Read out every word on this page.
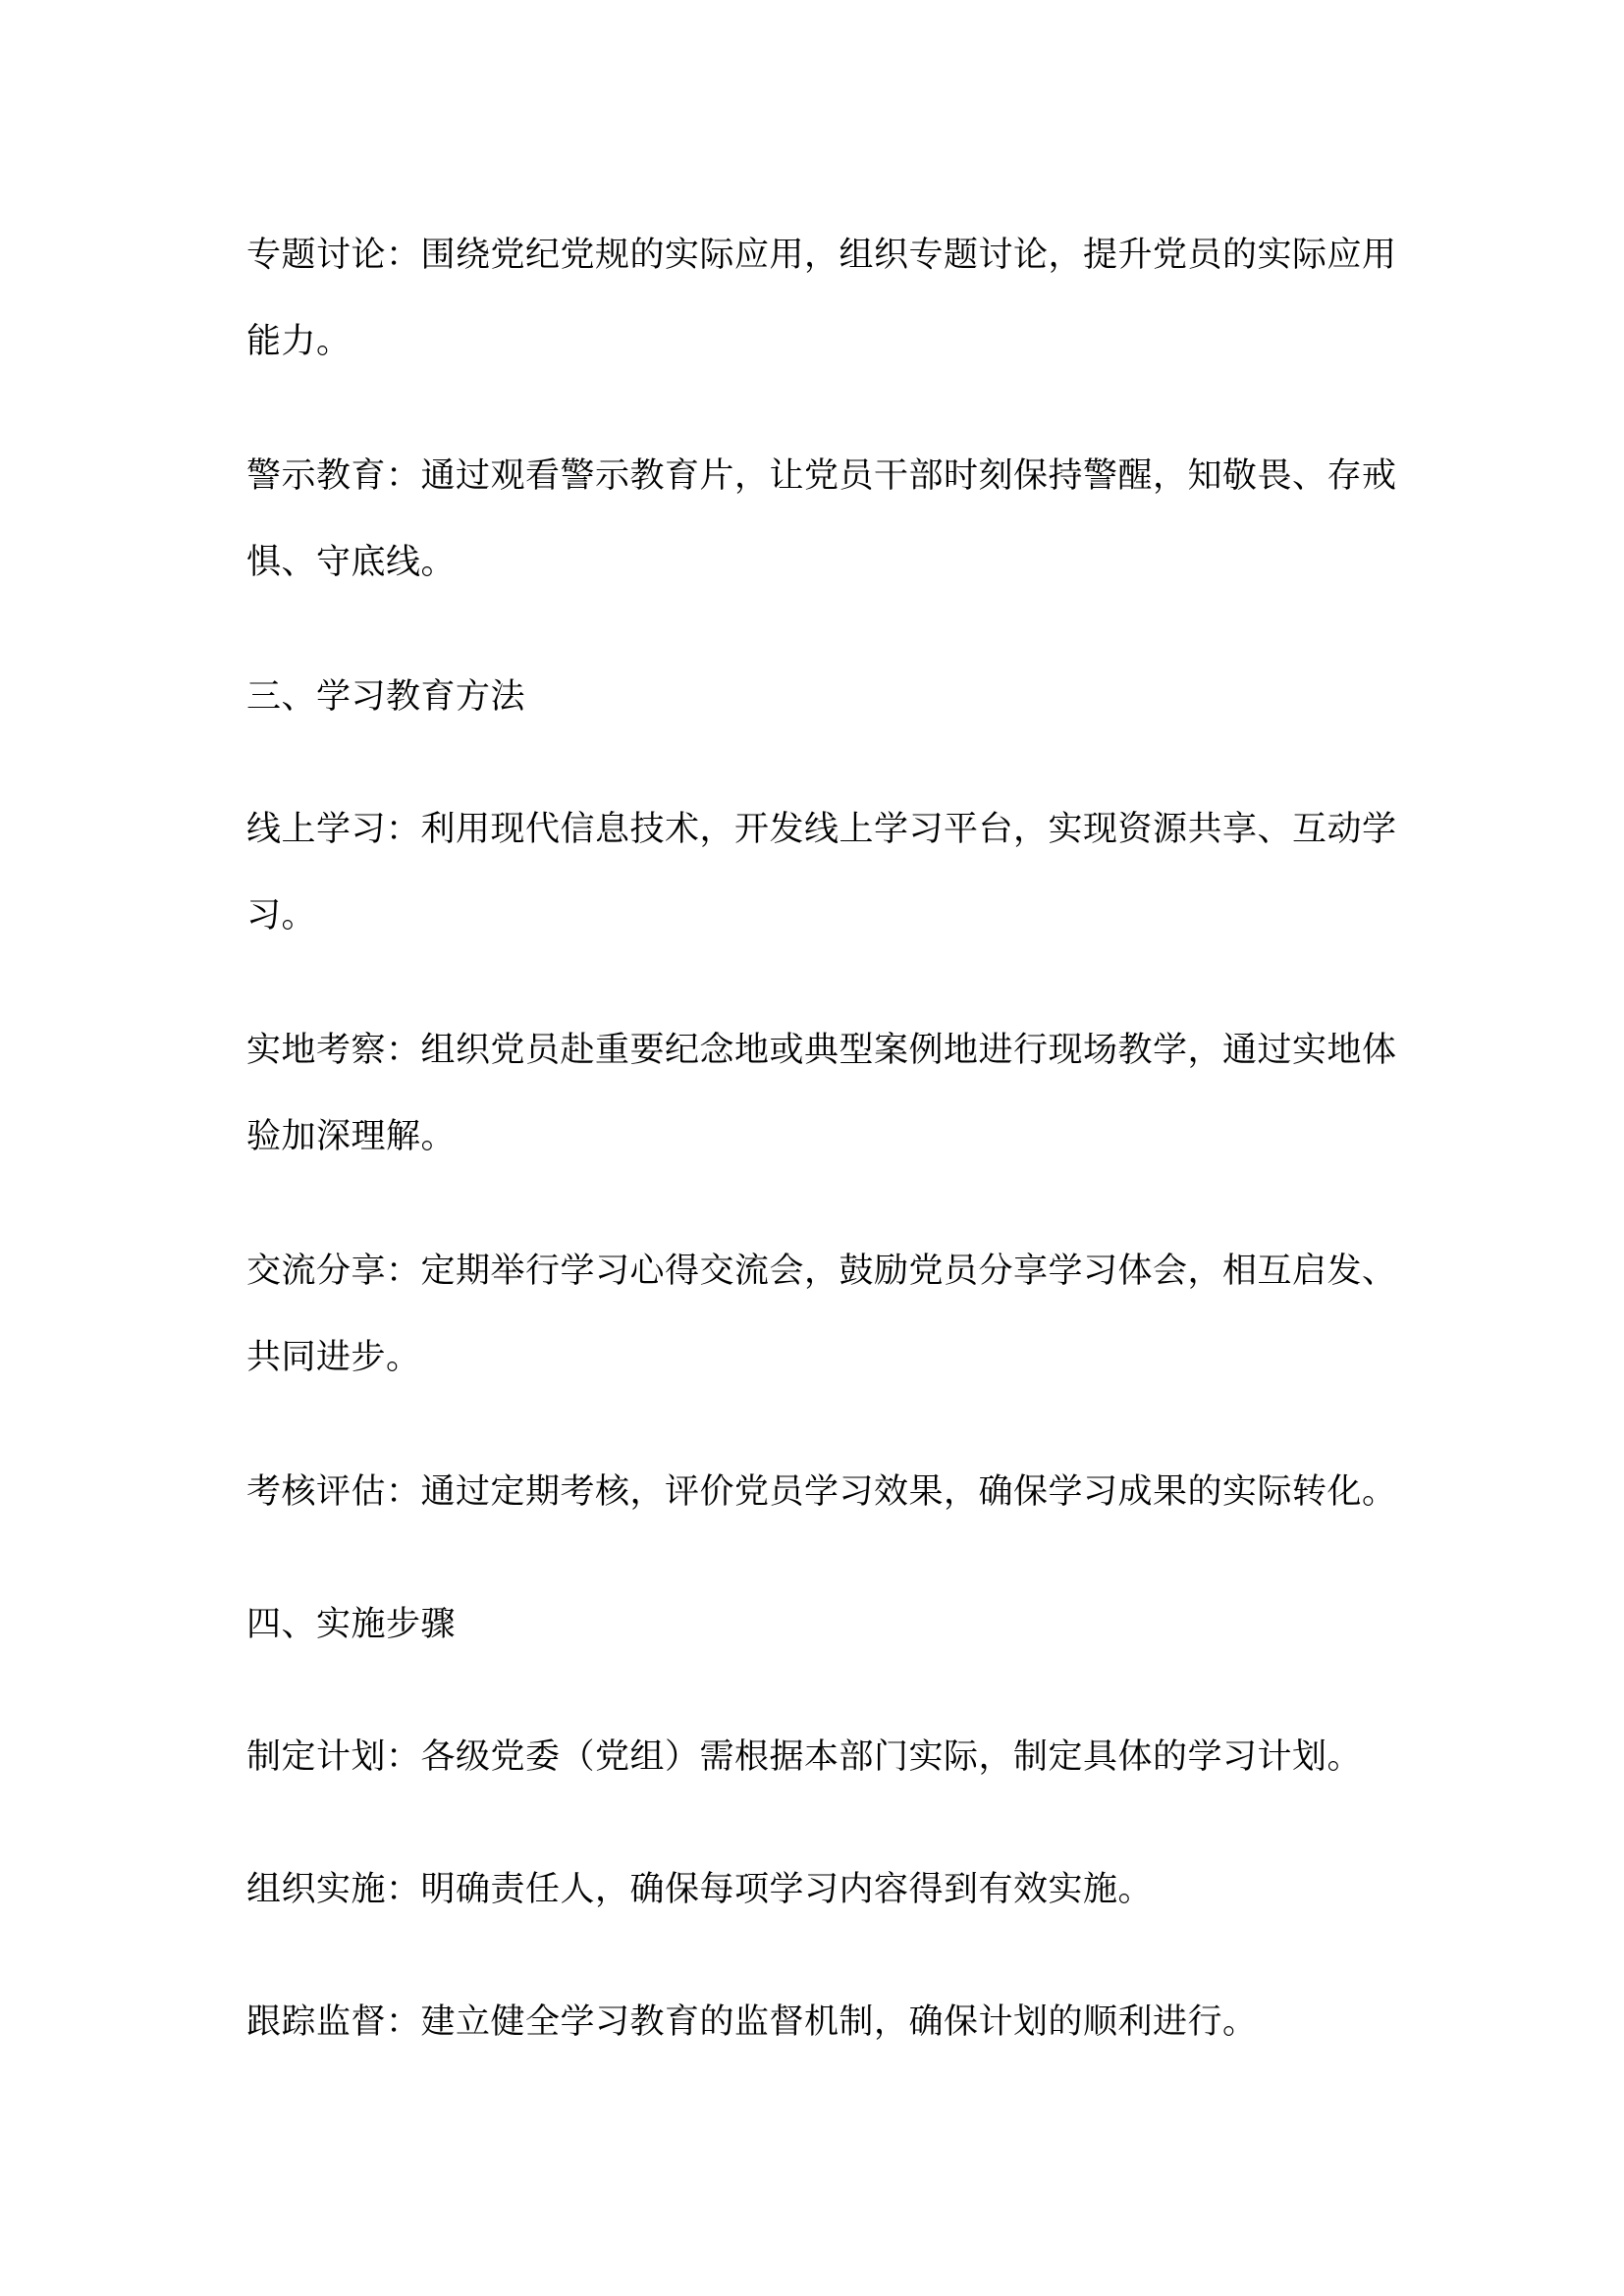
专题讨论：围绕党纪党规的实际应用，组织专题讨论，提升党员的实际应用能力。

警示教育：通过观看警示教育片，让党员干部时刻保持警醒，知敬畏、存戒惧、守底线。

三、学习教育方法

线上学习：利用现代信息技术，开发线上学习平台，实现资源共享、互动学习。

实地考察：组织党员赴重要纪念地或典型案例地进行现场教学，通过实地体验加深理解。

交流分享：定期举行学习心得交流会，鼓励党员分享学习体会，相互启发、共同进步。

考核评估：通过定期考核，评价党员学习效果，确保学习成果的实际转化。

四、实施步骤

制定计划：各级党委（党组）需根据本部门实际，制定具体的学习计划。

组织实施：明确责任人，确保每项学习内容得到有效实施。

跟踪监督：建立健全学习教育的监督机制，确保计划的顺利进行。
